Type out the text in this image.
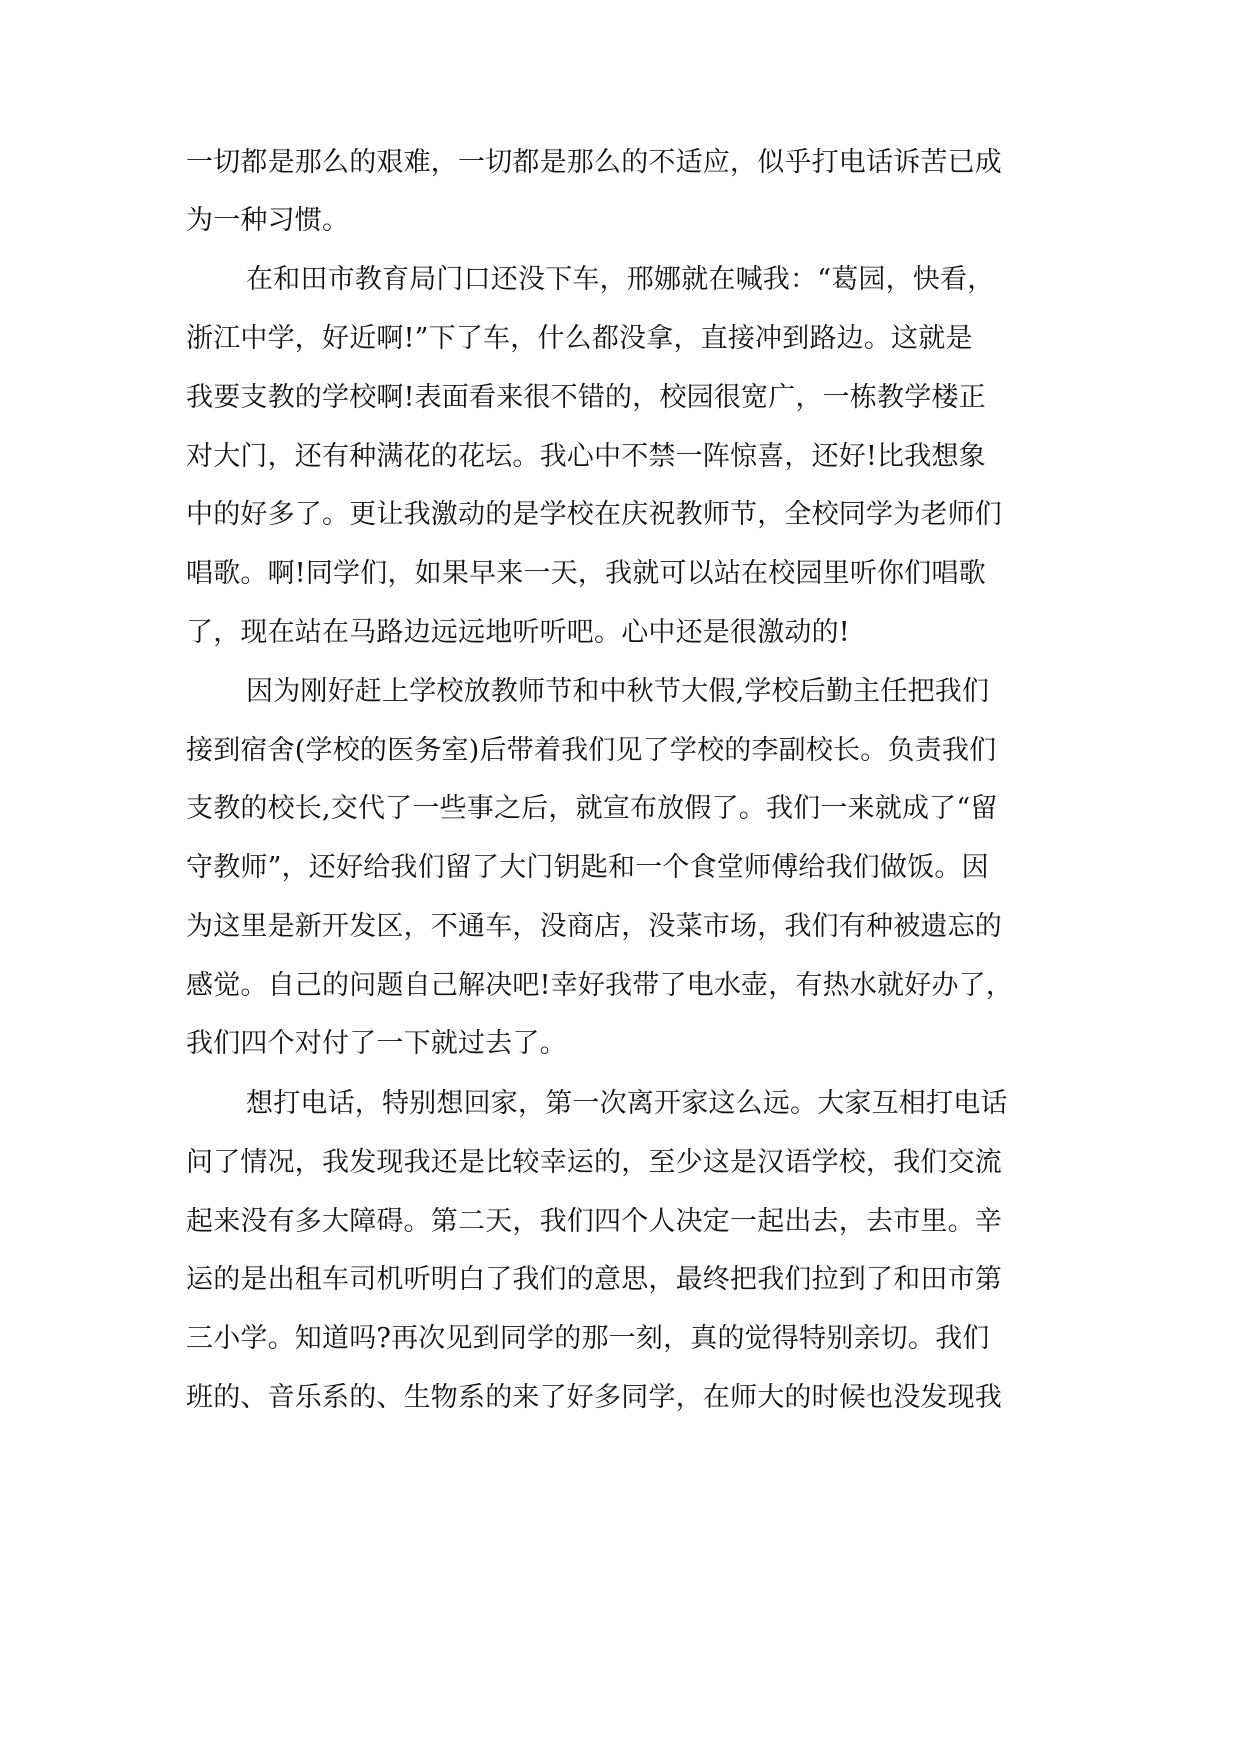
一切都是那么的艰难，一切都是那么的不适应，似乎打电话诉苦已成
为一种习惯。
在和田市教育局门口还没下车，邢娜就在喊我：“葛园，快看，
浙江中学，好近啊!”下了车，什么都没拿，直接冲到路边。这就是
我要支教的学校啊!表面看来很不错的，校园很宽广，一栋教学楼正
对大门，还有种满花的花坛。我心中不禁一阵惊喜，还好!比我想象
中的好多了。更让我激动的是学校在庆祝教师节，全校同学为老师们
唱歌。啊!同学们，如果早来一天，我就可以站在校园里听你们唱歌
了，现在站在马路边远远地听听吧。心中还是很激动的!
因为刚好赶上学校放教师节和中秋节大假,学校后勤主任把我们
接到宿舍(学校的医务室)后带着我们见了学校的李副校长。负责我们
支教的校长,交代了一些事之后，就宣布放假了。我们一来就成了“留
守教师”，还好给我们留了大门钥匙和一个食堂师傅给我们做饭。因
为这里是新开发区，不通车，没商店，没菜市场，我们有种被遗忘的
感觉。自己的问题自己解决吧!幸好我带了电水壶，有热水就好办了，
我们四个对付了一下就过去了。
想打电话，特别想回家，第一次离开家这么远。大家互相打电话
问了情况，我发现我还是比较幸运的，至少这是汉语学校，我们交流
起来没有多大障碍。第二天，我们四个人决定一起出去，去市里。辛
运的是出租车司机听明白了我们的意思，最终把我们拉到了和田市第
三小学。知道吗?再次见到同学的那一刻，真的觉得特别亲切。我们
班的、音乐系的、生物系的来了好多同学，在师大的时候也没发现我
